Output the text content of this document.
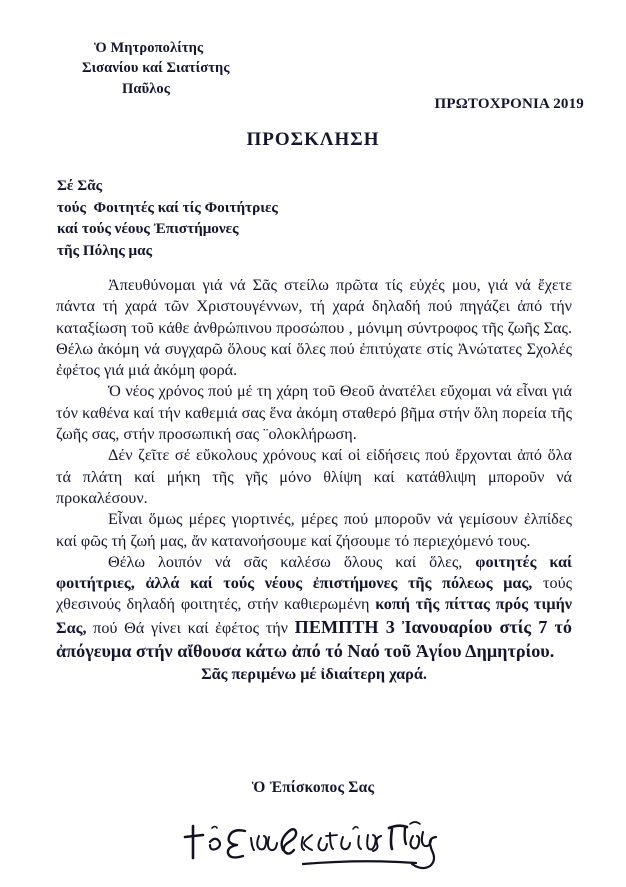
Ὁ Μητροπολίτης
Σισανίου καί Σιατίστης
Παῦλος
ΠΡΩΤΟΧΡΟΝΙΑ 2019
ΠΡΟΣΚΛΗΣΗ
Σέ Σᾶς
τούς  Φοιτητές καί τίς Φοιτήτριες
καί τούς νέους Ἐπιστήμονες
τῆς Πόλης μας

Ἀπευθύνομαι γιά νά Σᾶς στείλω πρῶτα τίς εὐχές μου, γιά νά ἔχετε πάντα τή χαρά τῶν Χριστουγέννων, τή χαρά δηλαδή πού πηγάζει ἀπό τήν καταξίωση τοῦ κάθε ἀνθρώπινου προσώπου , μόνιμη σύντροφος τῆς ζωῆς Σας. Θέλω ἀκόμη νά συγχαρῶ ὅλους καί ὅλες πού ἐπιτύχατε στίς Ἀνώτατες Σχολές ἐφέτος γιά μιά ἀκόμη φορά.

Ὁ νέος χρόνος πού μέ τη χάρη τοῦ Θεοῦ ἀνατέλει εὔχομαι νά εἶναι γιά τόν καθένα καί τήν καθεμιά σας ἕνα ἀκόμη σταθερό βῆμα στήν ὅλη πορεία τῆς ζωῆς σας, στήν προσωπική σας ¨ολοκλήρωση.

Δέν ζεῖτε σέ εὔκολους χρόνους καί οἱ εἰδήσεις πού ἔρχονται ἀπό ὅλα τά πλάτη καί μήκη τῆς γῆς μόνο θλίψη καί κατάθλιψη μποροῦν νά προκαλέσουν.

Εἶναι ὅμως μέρες γιορτινές, μέρες πού μποροῦν νά γεμίσουν ἐλπίδες καί φῶς τή ζωή μας, ἄν κατανοήσουμε καί ζήσουμε τό περιεχόμενό τους.

Θέλω λοιπόν νά σᾶς καλέσω ὅλους καί ὅλες, φοιτητές καί φοιτήτριες, ἀλλά καί τούς νέους ἐπιστήμονες τῆς πόλεως μας, τούς χθεσινούς δηλαδή φοιτητές, στήν καθιερωμένη κοπή τῆς πίττας πρός τιμήν Σας, πού Θά γίνει καί ἐφέτος τήν ΠΕΜΠΤΗ 3 Ἰανουαρίου στίς 7 τό ἀπόγευμα στήν αἴθουσα κάτω ἀπό τό Ναό τοῦ Ἁγίου Δημητρίου.
Σᾶς περιμένω μέ ἰδιαίτερη χαρά.

Ὁ Ἐπίσκοπος Σας
